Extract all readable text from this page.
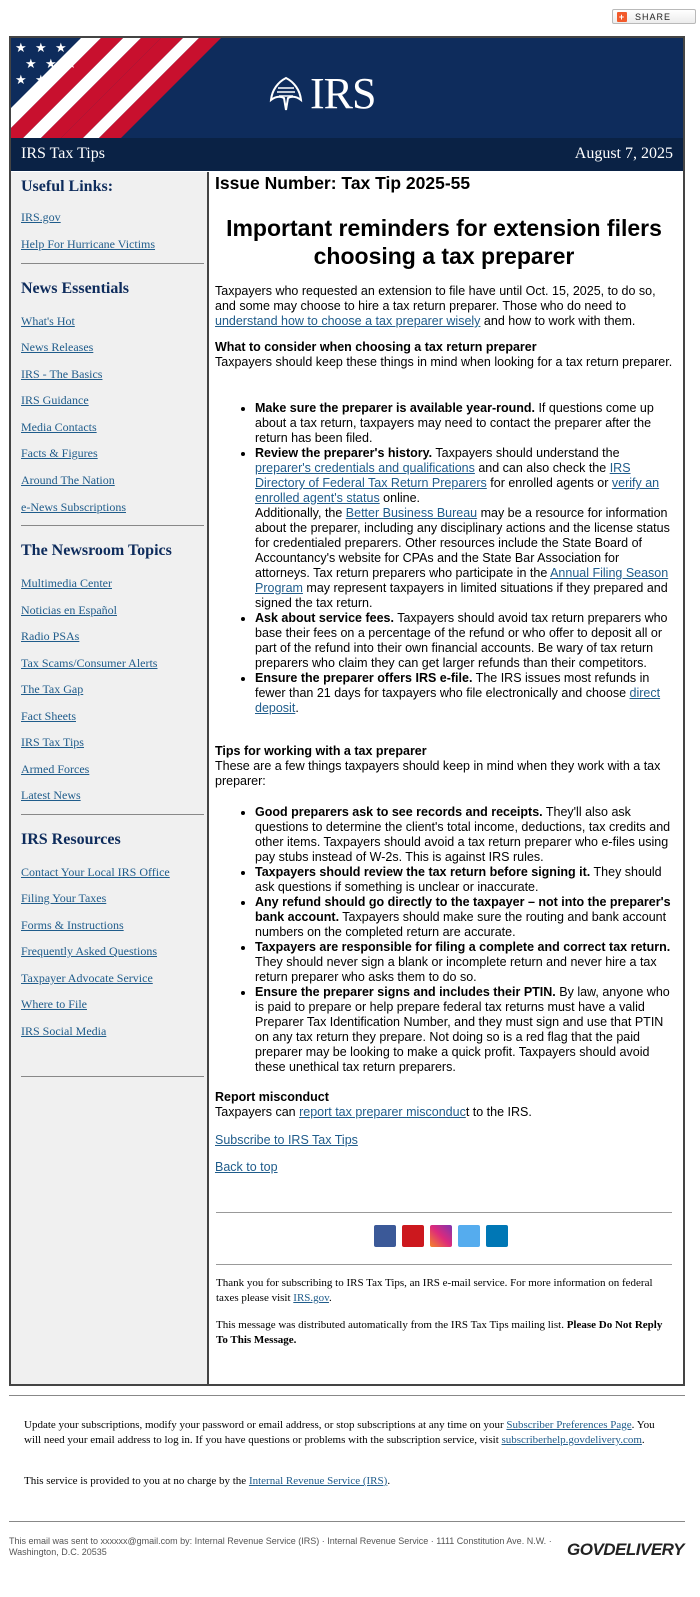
+ SHARE
★ ★ ★
★ ★ ★
★ ★
★	IRS
IRS Tax Tips	August 7, 2025
Useful Links:
IRS.gov
Help For Hurricane Victims
News Essentials
What's Hot
News Releases
IRS - The Basics
IRS Guidance
Media Contacts
Facts & Figures
Around The Nation
e-News Subscriptions
The Newsroom Topics
Multimedia Center
Noticias en Español
Radio PSAs
Tax Scams/Consumer Alerts
The Tax Gap
Fact Sheets
IRS Tax Tips
Armed Forces
Latest News
IRS Resources
Contact Your Local IRS Office
Filing Your Taxes
Forms & Instructions
Frequently Asked Questions
Taxpayer Advocate Service
Where to File
IRS Social Media
Issue Number: Tax Tip 2025-55
Important reminders for extension filers choosing a tax preparer
Taxpayers who requested an extension to file have until Oct. 15, 2025, to do so, and some may choose to hire a tax return preparer. Those who do need to understand how to choose a tax preparer wisely and how to work with them.
What to consider when choosing a tax return preparer
Taxpayers should keep these things in mind when looking for a tax return preparer.
• Make sure the preparer is available year-round. If questions come up about a tax return, taxpayers may need to contact the preparer after the return has been filed.
• Review the preparer's history. Taxpayers should understand the preparer's credentials and qualifications and can also check the IRS Directory of Federal Tax Return Preparers for enrolled agents or verify an enrolled agent's status online.
Additionally, the Better Business Bureau may be a resource for information about the preparer, including any disciplinary actions and the license status for credentialed preparers. Other resources include the State Board of Accountancy's website for CPAs and the State Bar Association for attorneys. Tax return preparers who participate in the Annual Filing Season Program may represent taxpayers in limited situations if they prepared and signed the tax return.
• Ask about service fees. Taxpayers should avoid tax return preparers who base their fees on a percentage of the refund or who offer to deposit all or part of the refund into their own financial accounts. Be wary of tax return preparers who claim they can get larger refunds than their competitors.
• Ensure the preparer offers IRS e-file. The IRS issues most refunds in fewer than 21 days for taxpayers who file electronically and choose direct deposit.
Tips for working with a tax preparer
These are a few things taxpayers should keep in mind when they work with a tax preparer:
• Good preparers ask to see records and receipts. They'll also ask questions to determine the client's total income, deductions, tax credits and other items. Taxpayers should avoid a tax return preparer who e-files using pay stubs instead of W-2s. This is against IRS rules.
• Taxpayers should review the tax return before signing it. They should ask questions if something is unclear or inaccurate.
• Any refund should go directly to the taxpayer – not into the preparer's bank account. Taxpayers should make sure the routing and bank account numbers on the completed return are accurate.
• Taxpayers are responsible for filing a complete and correct tax return. They should never sign a blank or incomplete return and never hire a tax return preparer who asks them to do so.
• Ensure the preparer signs and includes their PTIN. By law, anyone who is paid to prepare or help prepare federal tax returns must have a valid Preparer Tax Identification Number, and they must sign and use that PTIN on any tax return they prepare. Not doing so is a red flag that the paid preparer may be looking to make a quick profit. Taxpayers should avoid these unethical tax return preparers.
Report misconduct
Taxpayers can report tax preparer misconduct to the IRS.
Subscribe to IRS Tax Tips
Back to top
Thank you for subscribing to IRS Tax Tips, an IRS e-mail service. For more information on federal taxes please visit IRS.gov.
This message was distributed automatically from the IRS Tax Tips mailing list. Please Do Not Reply To This Message.
Update your subscriptions, modify your password or email address, or stop subscriptions at any time on your Subscriber Preferences Page. You will need your email address to log in. If you have questions or problems with the subscription service, visit subscriberhelp.govdelivery.com.
This service is provided to you at no charge by the Internal Revenue Service (IRS).
This email was sent to xxxxxx@gmail.com by: Internal Revenue Service (IRS) · Internal Revenue Service · 1111 Constitution Ave. N.W. · Washington, D.C. 20535	GOVDELIVERY
